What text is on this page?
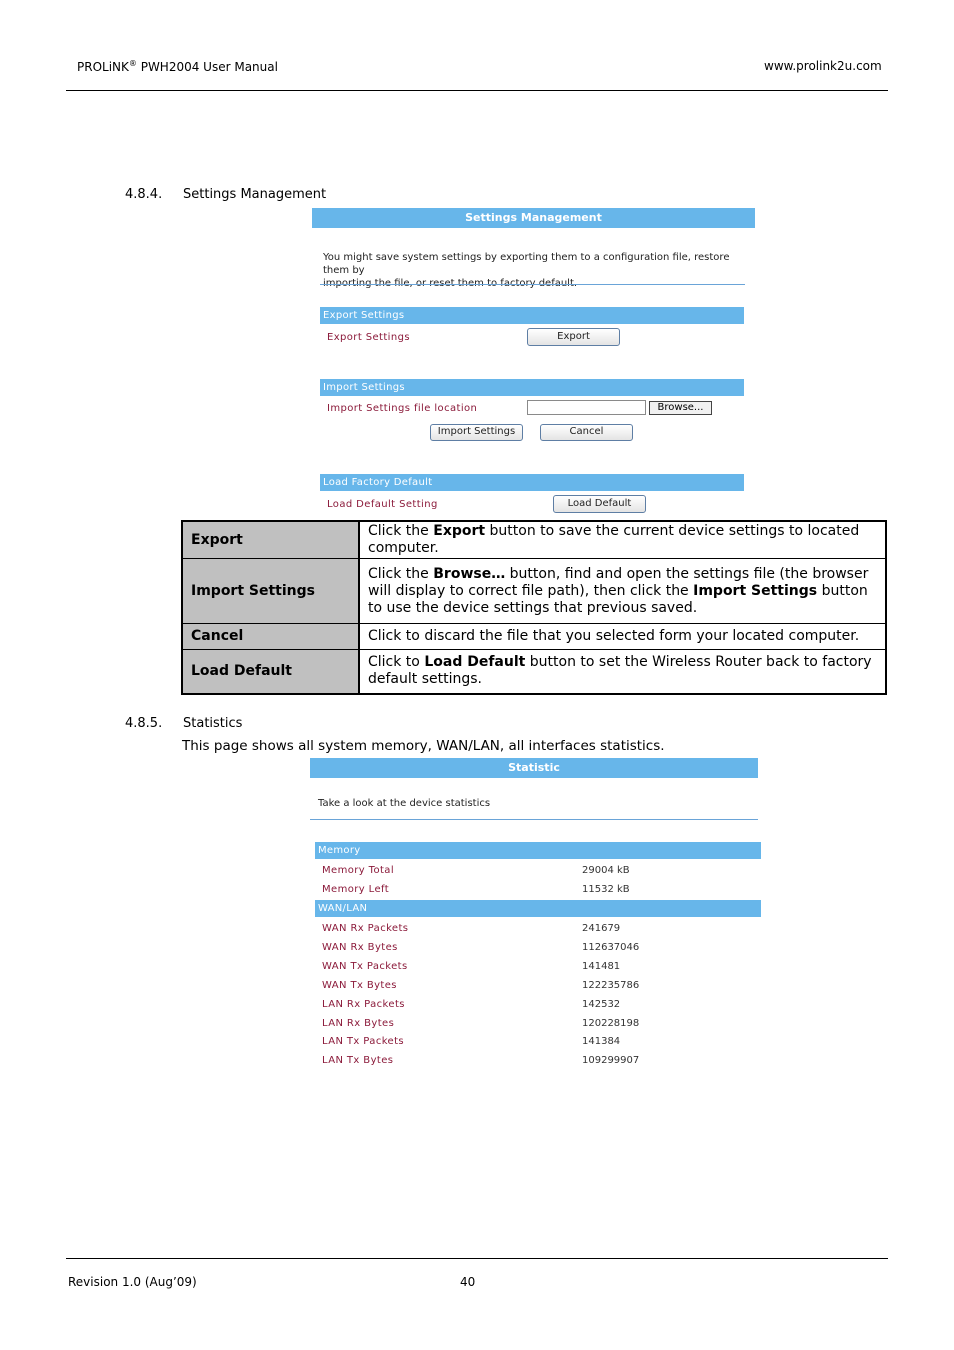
PROLiNK® PWH2004 User Manual	www.prolink2u.com
4.8.4. Settings Management
Settings Management
You might save system settings by exporting them to a configuration file, restore them by
Export Settings
Export Settings	Export
Import Settings
Import Settings file location	Browse...
Import Settings	Cancel
Load Factory Default
Load Default Setting	Load Default
Export	Click the Export button to save the current device settings to located computer.
Import Settings	Click the Browse… button, find and open the settings file (the browser will display to correct file path), then click the Import Settings button to use the device settings that previous saved.
Cancel	Click to discard the file that you selected form your located computer.
Load Default	Click to Load Default button to set the Wireless Router back to factory default settings.
4.8.5. Statistics
This page shows all system memory, WAN/LAN, all interfaces statistics.
Statistic
Take a look at the device statistics
Memory
Memory Total	29004 kB
Memory Left	11532 kB
WAN/LAN
WAN Rx Packets	241679
WAN Rx Bytes	112637046
WAN Tx Packets	141481
WAN Tx Bytes	122235786
LAN Rx Packets	142532
LAN Rx Bytes	120228198
LAN Tx Packets	141384
LAN Tx Bytes	109299907
Revision 1.0 (Aug’09)	40
